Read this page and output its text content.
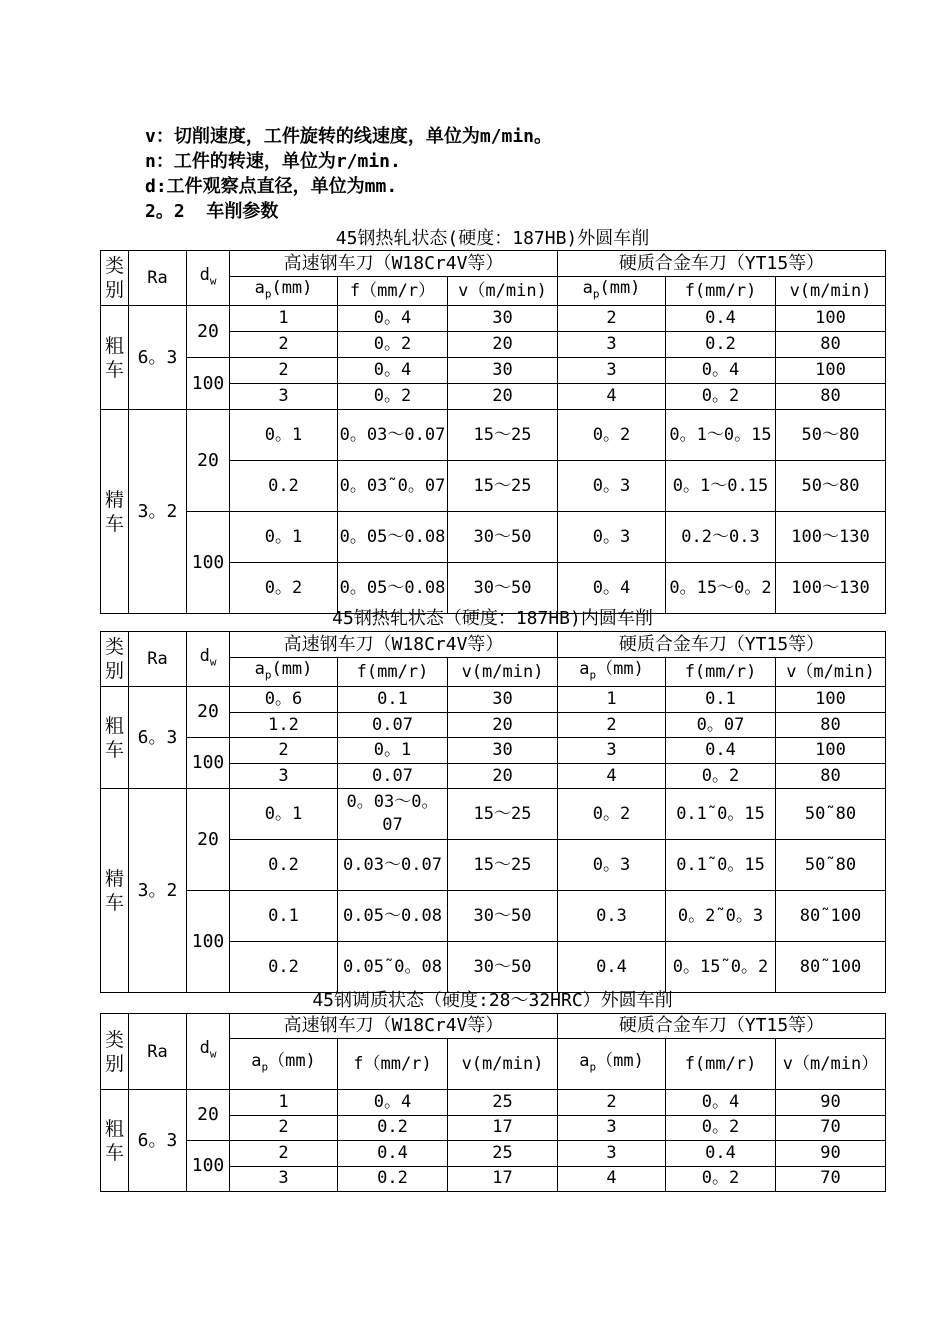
v：切削速度，工件旋转的线速度，单位为m/min。
n：工件的转速，单位为r/min.
d:工件观察点直径，单位为mm.
2。2  车削参数
45钢热轧状态(硬度：187HB)外圆车削
类
别	Ra	$d_w$	高速钢车刀（W18Cr4V等）			硬质合金车刀（YT15等）		
			$a_p(mm)$	f（mm/r）	v（m/min)	$a_p(mm)$	f(mm/r)	v(m/min)
粗
车	6。3	20	1	0。4	30	2	0.4	100
			2	0。2	20	3	0.2	80
		100	2	0。4	30	3	0。4	100
			3	0。2	20	4	0。2	80
精
车	3。2	20	0。1	0。03～0.07	15～25	0。2	0。1～0。15	50～80
			0.2	0。03˜0。07	15～25	0。3	0。1～0.15	50～80
		100	0。1	0。05～0.08	30～50	0。3	0.2～0.3	100～130
			0。2	0。05～0.08	30～50	0。4	0。15～0。2	100～130
45钢热轧状态（硬度：187HB)内圆车削
类
别	Ra	$d_w$	高速钢车刀（W18Cr4V等）			硬质合金车刀（YT15等）		
			$a_p(mm)$	f(mm/r)	v(m/min)	$a_p(mm)$	f(mm/r)	v（m/min)
粗
车	6。3	20	0。6	0.1	30	1	0.1	100
			1.2	0.07	20	2	0。07	80
		100	2	0。1	30	3	0.4	100
			3	0.07	20	4	0。2	80
精
车	3。2	20	0。1	0。03～0。07	15～25	0。2	0.1˜0。15	50˜80
			0.2	0.03～0.07	15～25	0。3	0.1˜0。15	50˜80
		100	0.1	0.05～0.08	30～50	0.3	0。2˜0。3	80˜100
			0.2	0.05˜0。08	30～50	0.4	0。15˜0。2	80˜100
45钢调质状态（硬度:28～32HRC）外圆车削
类
别	Ra	$d_w$	高速钢车刀（W18Cr4V等）			硬质合金车刀（YT15等）		
			$a_p(mm)$	f（mm/r)	v(m/min)	$a_p(mm)$	f(mm/r)	v（m/min）
粗
车	6。3	20	1	0。4	25	2	0。4	90
			2	0.2	17	3	0。2	70
		100	2	0.4	25	3	0.4	90
			3	0.2	17	4	0。2	70
